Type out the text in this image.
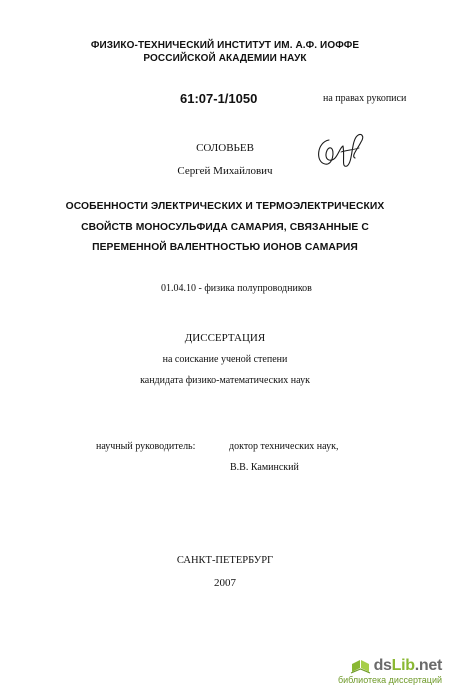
ФИЗИКО-ТЕХНИЧЕСКИЙ ИНСТИТУТ ИМ. А.Ф. ИОФФЕ
РОССИЙСКОЙ АКАДЕМИИ НАУК
61:07-1/1050	на правах рукописи
СОЛОВЬЕВ
Сергей Михайлович
ОСОБЕННОСТИ ЭЛЕКТРИЧЕСКИХ И ТЕРМОЭЛЕКТРИЧЕСКИХ
СВОЙСТВ МОНОСУЛЬФИДА САМАРИЯ, СВЯЗАННЫЕ С
ПЕРЕМЕННОЙ ВАЛЕНТНОСТЬЮ ИОНОВ САМАРИЯ
01.04.10 - физика полупроводников
ДИССЕРТАЦИЯ
на соискание ученой степени
кандидата физико-математических наук
научный руководитель:	доктор технических наук,
В.В. Каминский
САНКТ-ПЕТЕРБУРГ
2007
dsLib.net
библиотека диссертаций
